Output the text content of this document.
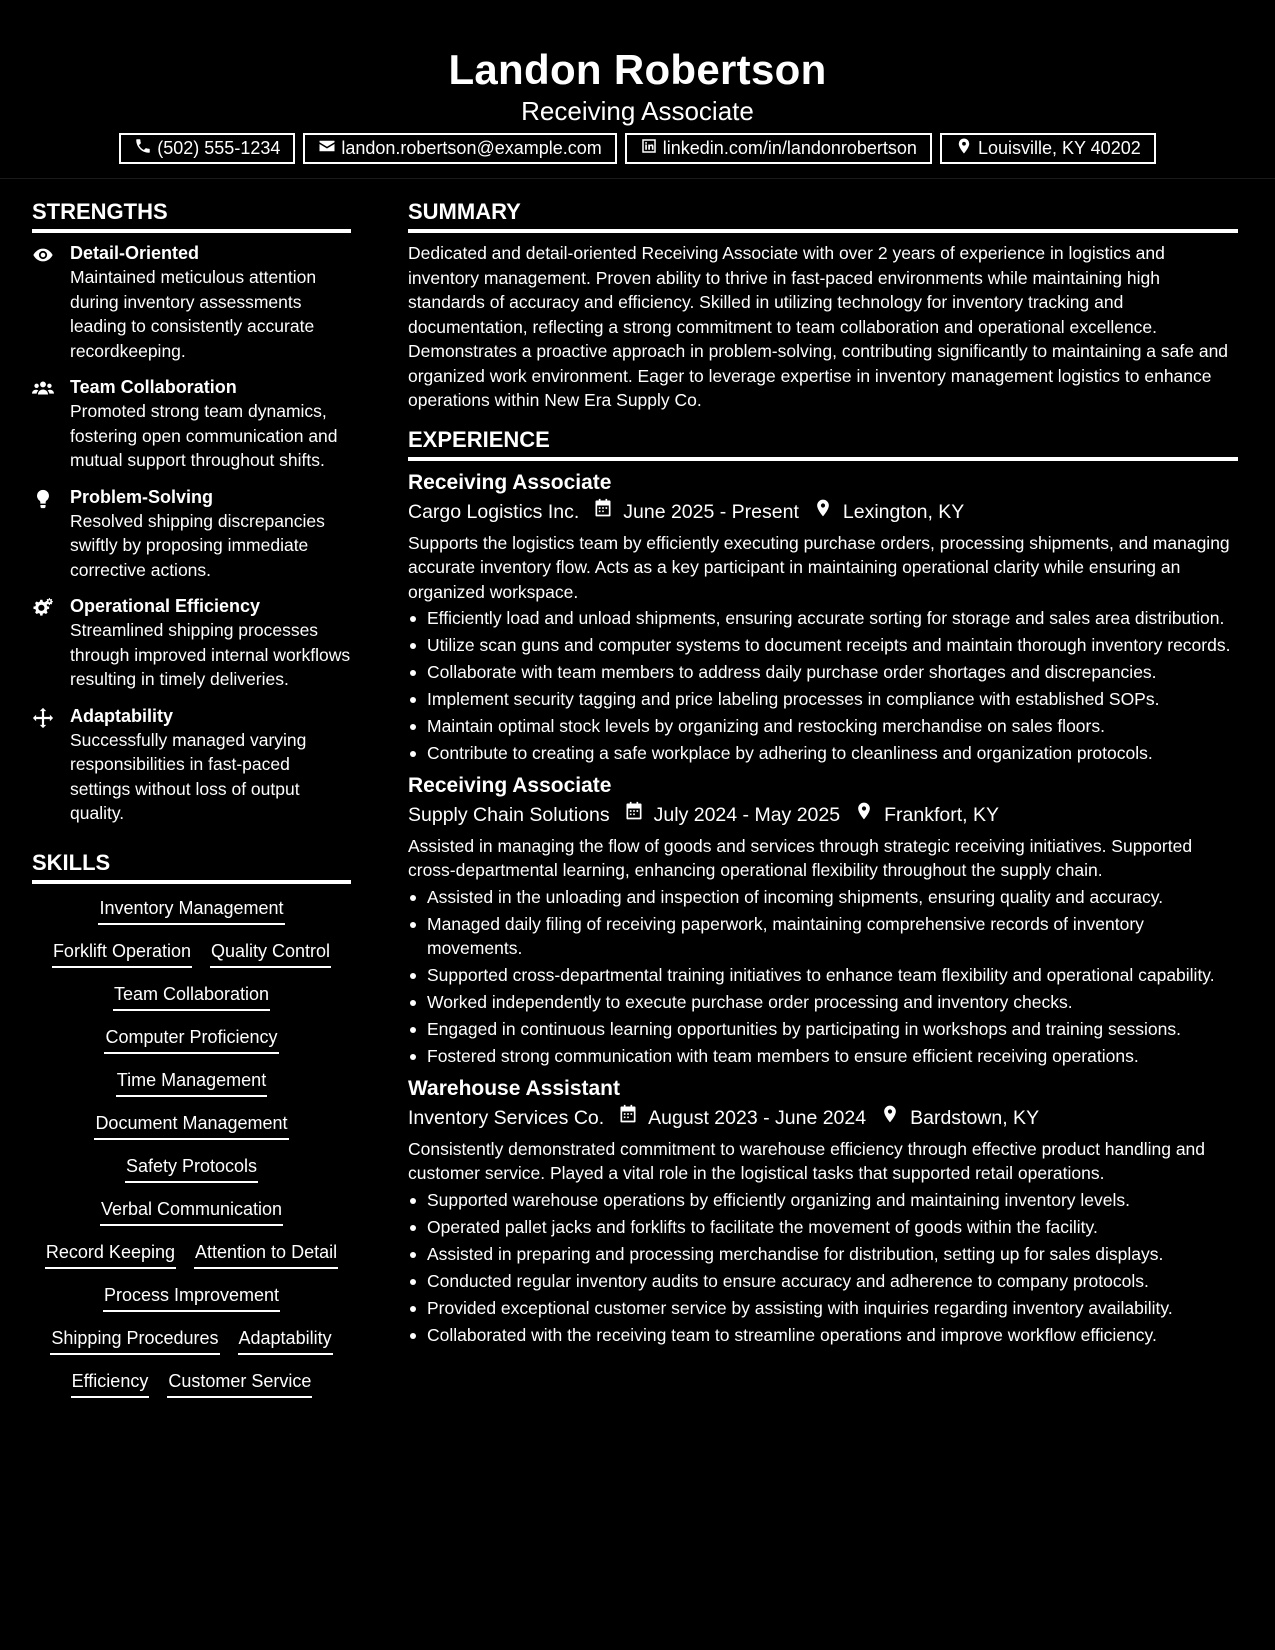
Landon Robertson
Receiving Associate
(502) 555-1234	landon.robertson@example.com	linkedin.com/in/landonrobertson	Louisville, KY 40202
STRENGTHS
Detail-Oriented
Maintained meticulous attention during inventory assessments leading to consistently accurate recordkeeping.
Team Collaboration
Promoted strong team dynamics, fostering open communication and mutual support throughout shifts.
Problem-Solving
Resolved shipping discrepancies swiftly by proposing immediate corrective actions.
Operational Efficiency
Streamlined shipping processes through improved internal workflows resulting in timely deliveries.
Adaptability
Successfully managed varying responsibilities in fast-paced settings without loss of output quality.
SKILLS
Inventory Management
Forklift Operation Quality Control
Team Collaboration
Computer Proficiency
Time Management
Document Management
Safety Protocols
Verbal Communication
Record Keeping Attention to Detail
Process Improvement
Shipping Procedures Adaptability
Efficiency Customer Service
SUMMARY
Dedicated and detail-oriented Receiving Associate with over 2 years of experience in logistics and inventory management. Proven ability to thrive in fast-paced environments while maintaining high standards of accuracy and efficiency. Skilled in utilizing technology for inventory tracking and documentation, reflecting a strong commitment to team collaboration and operational excellence. Demonstrates a proactive approach in problem-solving, contributing significantly to maintaining a safe and organized work environment. Eager to leverage expertise in inventory management logistics to enhance operations within New Era Supply Co.
EXPERIENCE
Receiving Associate
Cargo Logistics Inc. June 2025 - Present Lexington, KY
Supports the logistics team by efficiently executing purchase orders, processing shipments, and managing accurate inventory flow. Acts as a key participant in maintaining operational clarity while ensuring an organized workspace.
Efficiently load and unload shipments, ensuring accurate sorting for storage and sales area distribution.
Utilize scan guns and computer systems to document receipts and maintain thorough inventory records.
Collaborate with team members to address daily purchase order shortages and discrepancies.
Implement security tagging and price labeling processes in compliance with established SOPs.
Maintain optimal stock levels by organizing and restocking merchandise on sales floors.
Contribute to creating a safe workplace by adhering to cleanliness and organization protocols.
Receiving Associate
Supply Chain Solutions July 2024 - May 2025 Frankfort, KY
Assisted in managing the flow of goods and services through strategic receiving initiatives. Supported cross-departmental learning, enhancing operational flexibility throughout the supply chain.
Assisted in the unloading and inspection of incoming shipments, ensuring quality and accuracy.
Managed daily filing of receiving paperwork, maintaining comprehensive records of inventory movements.
Supported cross-departmental training initiatives to enhance team flexibility and operational capability.
Worked independently to execute purchase order processing and inventory checks.
Engaged in continuous learning opportunities by participating in workshops and training sessions.
Fostered strong communication with team members to ensure efficient receiving operations.
Warehouse Assistant
Inventory Services Co. August 2023 - June 2024 Bardstown, KY
Consistently demonstrated commitment to warehouse efficiency through effective product handling and customer service. Played a vital role in the logistical tasks that supported retail operations.
Supported warehouse operations by efficiently organizing and maintaining inventory levels.
Operated pallet jacks and forklifts to facilitate the movement of goods within the facility.
Assisted in preparing and processing merchandise for distribution, setting up for sales displays.
Conducted regular inventory audits to ensure accuracy and adherence to company protocols.
Provided exceptional customer service by assisting with inquiries regarding inventory availability.
Collaborated with the receiving team to streamline operations and improve workflow efficiency.
